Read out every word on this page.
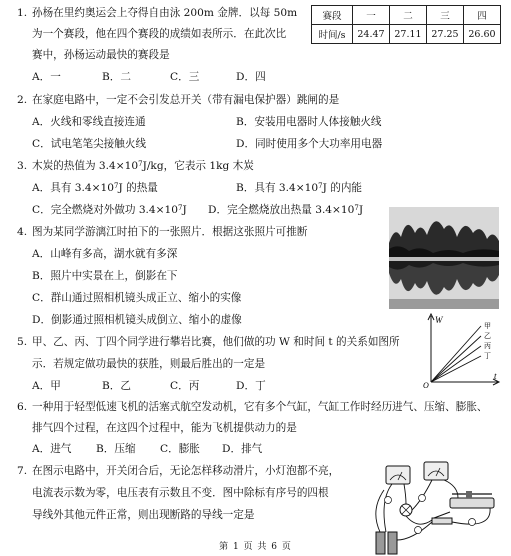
1. 孙杨在里约奥运会上夺得自由泳 200m 金牌．以每 50m
为一个赛段，他在四个赛段的成绩如表所示．在此次比
赛中，孙杨运动最快的赛段是
A．一	B．二	C．三	D．四
赛段	一	二	三	四
时间/s	24.47	27.11	27.25	26.60
2. 在家庭电路中，一定不会引发总开关（带有漏电保护器）跳闸的是
A．火线和零线直接连通	B．安装用电器时人体接触火线
C．试电笔笔尖接触火线	D．同时使用多个大功率用电器
3. 木炭的热值为 $3.4\times 10^7J/kg$，它表示 1kg 木炭
A．具有 $3.4\times 10^7J$ 的热量	B．具有 $3.4\times 10^7J$ 的内能
C．完全燃烧对外做功 $3.4\times 10^7J$ D．完全燃烧放出热量 $3.4\times 10^7J$
4. 图为某同学游漓江时拍下的一张照片．根据这张照片可推断
A．山峰有多高，湖水就有多深
B．照片中实景在上，倒影在下
C．群山通过照相机镜头成正立、缩小的实像
D．倒影通过照相机镜头成倒立、缩小的虚像
5. 甲、乙、丙、丁四个同学进行攀岩比赛，他们做的功 W 和时间 t 的关系如图所
示．若规定做功最快的获胜，则最后胜出的一定是
A．甲	B．乙	C．丙	D．丁
W
t
O
甲
乙
丙
丁
6. 一种用于轻型低速飞机的活塞式航空发动机，它有多个气缸，气缸工作时经历进气、压缩、膨胀、
排气四个过程，在这四个过程中，能为飞机提供动力的是
A．进气 B．压缩 C．膨胀 D．排气
7. 在图示电路中，开关闭合后，无论怎样移动滑片，小灯泡都不亮，
电流表示数为零，电压表有示数且不变．图中除标有序号的四根
导线外其他元件正常，则出现断路的导线一定是
第 1 页 共 6 页
